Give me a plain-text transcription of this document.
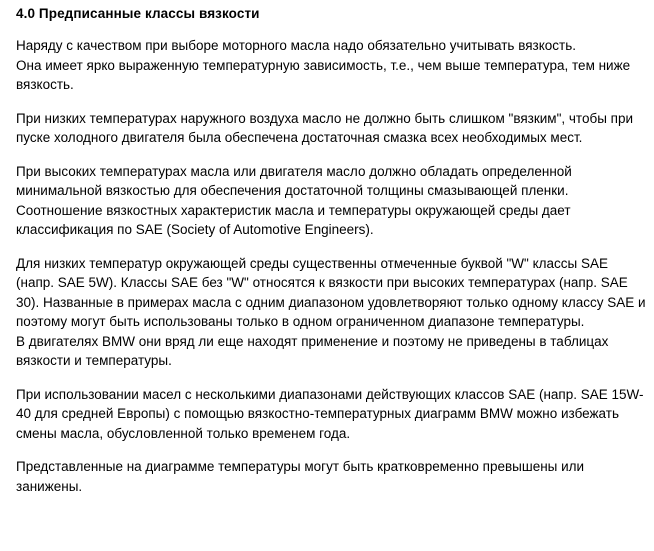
4.0 Предписанные классы вязкости

Наряду с качеством при выборе моторного масла надо обязательно учитывать вязкость.
Она имеет ярко выраженную температурную зависимость, т.е., чем выше температура, тем ниже вязкость.

При низких температурах наружного воздуха масло не должно быть слишком "вязким", чтобы при пуске холодного двигателя была обеспечена достаточная смазка всех необходимых мест.

При высоких температурах масла или двигателя масло должно обладать определенной минимальной вязкостью для обеспечения достаточной толщины смазывающей пленки. Соотношение вязкостных характеристик масла и температуры окружающей среды дает классификация по SAE (Society of Automotive Engineers).

Для низких температур окружающей среды существенны отмеченные буквой "W" классы SAE (напр. SAE 5W). Классы SAE без "W" относятся к вязкости при высоких температурах (напр. SAE 30). Названные в примерах масла с одним диапазоном удовлетворяют только одному классу SAE и поэтому могут быть использованы только в одном ограниченном диапазоне температуры.
В двигателях BMW они вряд ли еще находят применение и поэтому не приведены в таблицах вязкости и температуры.

При использовании масел с несколькими диапазонами действующих классов SAE (напр. SAE 15W-40 для средней Европы) с помощью вязкостно-температурных диаграмм BMW можно избежать смены масла, обусловленной только временем года.

Представленные на диаграмме температуры могут быть кратковременно превышены или занижены.
